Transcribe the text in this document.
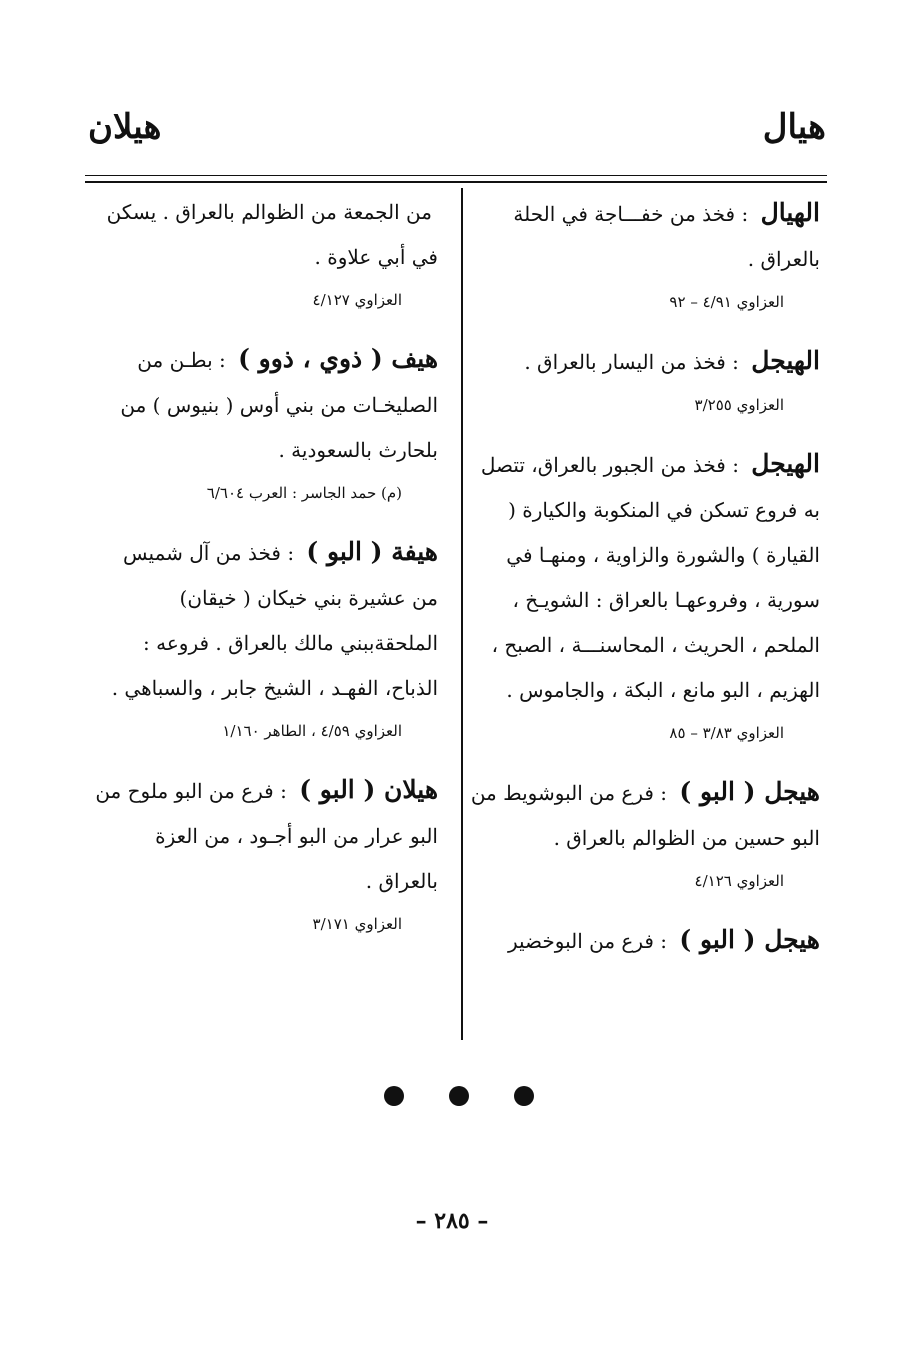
هيال
هيلان

الهيال : فخذ من خفـــاجة في الحلة بالعراق .

العزاوي ٤/٩١ – ٩٢

الهيجل : فخذ من اليسار بالعراق .

العزاوي ٣/٢٥٥

الهيجل : فخذ من الجبور بالعراق، تتصل به فروع تسكن في المنكوبة والكيارة ( القيارة ) والشورة والزاوية ، ومنهـا في سورية ، وفروعهـا بالعراق : الشويـخ ، الملحم ، الحريث ، المحاسنـــة ، الصبح ، الهزيم ، البو مانع ، البكة ، والجاموس .

العزاوي ٣/٨٣ – ٨٥

هيجل ( البو ) : فرع من البوشويط من البو حسين من الظوالم بالعراق .

العزاوي ٤/١٢٦

هيجل ( البو ) : فرع من البوخضير

من الجمعة من الظوالم بالعراق . يسكن في أبي علاوة .

العزاوي ٤/١٢٧

هيف ( ذوي ، ذوو ) : بطـن من الصليخـات من بني أوس ( بنيوس ) من بلحارث بالسعودية .

(م) حمد الجاسر : العرب ٦/٦٠٤

هيفة ( البو ) : فخذ من آل شميس من عشيرة بني خيكان ( خيقان) الملحقةببني مالك بالعراق . فروعه : الذباح، الفهـد ، الشيخ جابر ، والسباهي .

العزاوي ٤/٥٩ ، الطاهر ١/١٦٠

هيلان ( البو ) : فرع من البو ملوح من البو عرار من البو أجـود ، من العزة بالعراق .

العزاوي ٣/١٧١
– ٢٨٥ –
